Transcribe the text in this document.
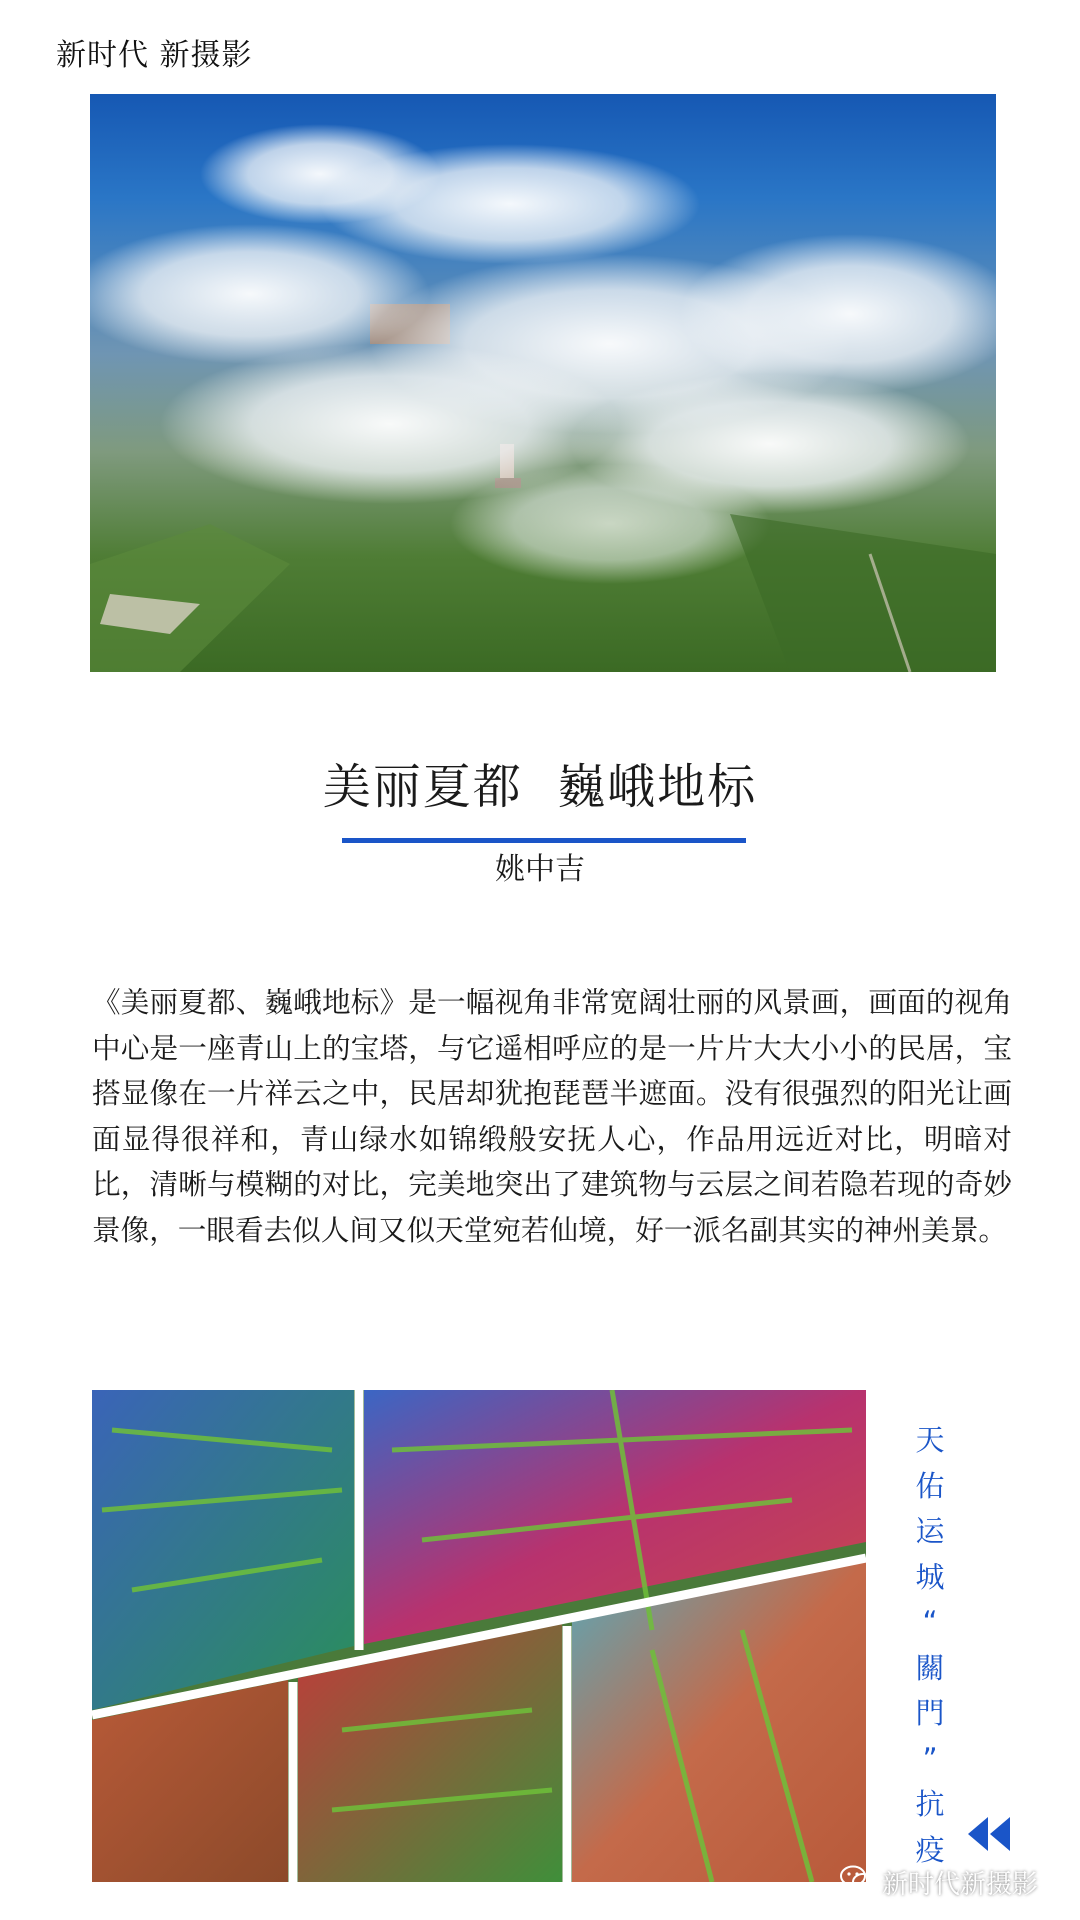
新时代 新摄影
美丽夏都  巍峨地标
姚中吉
《美丽夏都、巍峨地标》是一幅视角非常宽阔壮丽的风景画，画面的视角中心是一座青山上的宝塔，与它遥相呼应的是一片片大大小小的民居，宝搭显像在一片祥云之中，民居却犹抱琵琶半遮面。没有很强烈的阳光让画面显得很祥和，青山绿水如锦缎般安抚人心，作品用远近对比，明暗对比，清晰与模糊的对比，完美地突出了建筑物与云层之间若隐若现的奇妙景像，一眼看去似人间又似天堂宛若仙境，好一派名副其实的神州美景。
天
佑
运
城
“
關
門
”
抗
疫
新时代新摄影
